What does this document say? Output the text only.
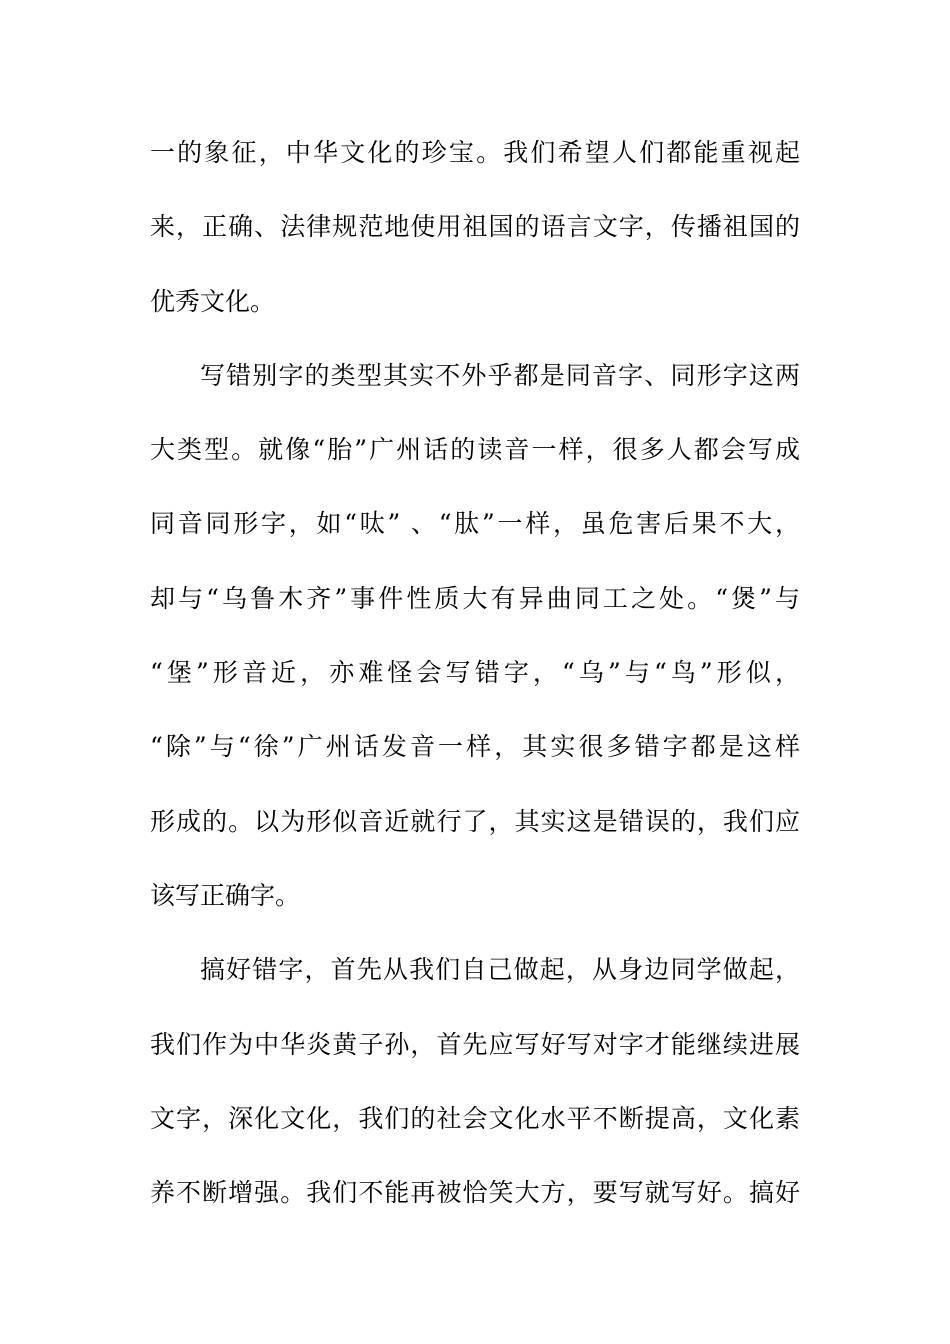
一的象征，中华文化的珍宝。我们希望人们都能重视起
来，正确、法律规范地使用祖国的语言文字，传播祖国的
优秀文化。
写错别字的类型其实不外乎都是同音字、同形字这两
大类型。就像“胎”广州话的读音一样，很多人都会写成
同音同形字，如“呔” 、“肽”一样，虽危害后果不大，
却与“乌鲁木齐”事件性质大有异曲同工之处。“煲”与
“堡”形音近，亦难怪会写错字，“乌”与“鸟”形似，
“除”与“徐”广州话发音一样，其实很多错字都是这样
形成的。以为形似音近就行了，其实这是错误的，我们应
该写正确字。
搞好错字，首先从我们自己做起，从身边同学做起，
我们作为中华炎黄子孙，首先应写好写对字才能继续进展
文字，深化文化，我们的社会文化水平不断提高，文化素
养不断增强。我们不能再被恰笑大方，要写就写好。搞好
